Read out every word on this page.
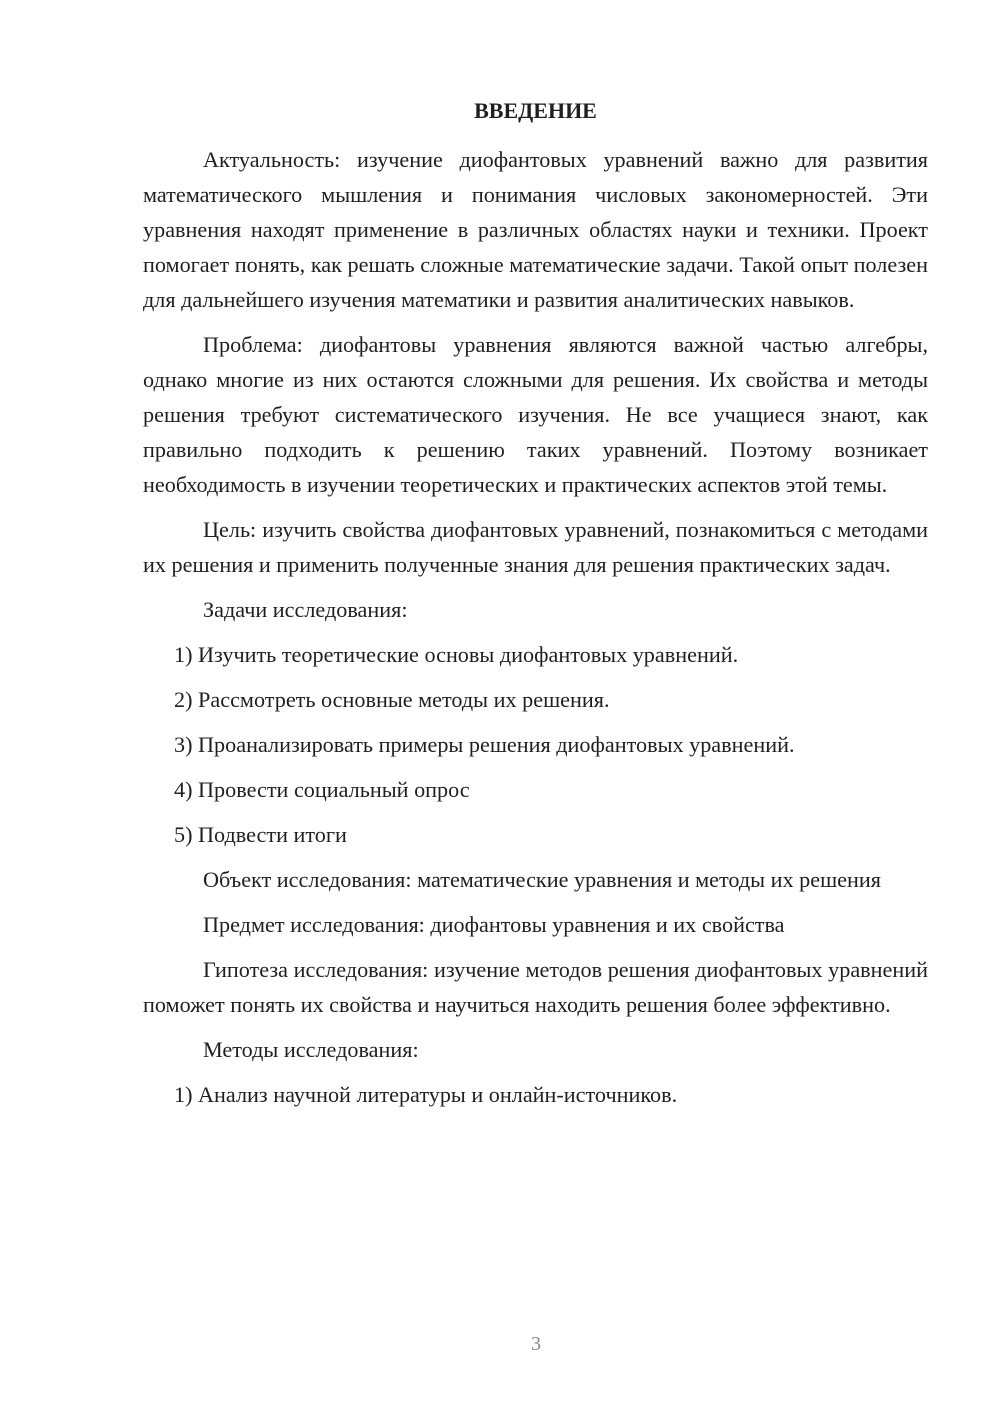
ВВЕДЕНИЕ

Актуальность: изучение диофантовых уравнений важно для развития математического мышления и понимания числовых закономерностей. Эти уравнения находят применение в различных областях науки и техники. Проект помогает понять, как решать сложные математические задачи. Такой опыт полезен для дальнейшего изучения математики и развития аналитических навыков.

Проблема: диофантовы уравнения являются важной частью алгебры, однако многие из них остаются сложными для решения. Их свойства и методы решения требуют систематического изучения. Не все учащиеся знают, как правильно подходить к решению таких уравнений. Поэтому возникает необходимость в изучении теоретических и практических аспектов этой темы.

Цель: изучить свойства диофантовых уравнений, познакомиться с методами их решения и применить полученные знания для решения практических задач.

Задачи исследования:

1) Изучить теоретические основы диофантовых уравнений.

2) Рассмотреть основные методы их решения.

3) Проанализировать примеры решения диофантовых уравнений.

4) Провести социальный опрос

5) Подвести итоги

Объект исследования: математические уравнения и методы их решения

Предмет исследования: диофантовы уравнения и их свойства

Гипотеза исследования: изучение методов решения диофантовых уравнений поможет понять их свойства и научиться находить решения более эффективно.

Методы исследования:

1) Анализ научной литературы и онлайн-источников.

3
